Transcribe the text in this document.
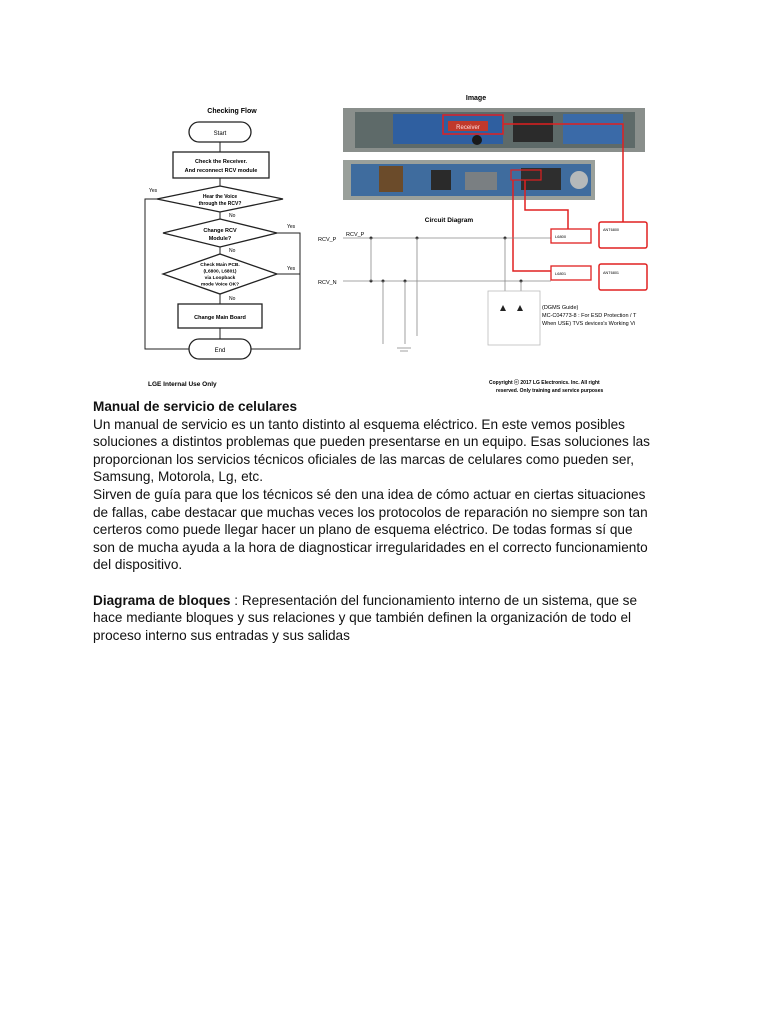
Checking Flow
Start
Check the Receiver.
And reconnect RCV module
Hear the Voice
through the RCV?
Yes
No
Change RCV
Module?
Yes
No
Check Main PCB.
(L6800, L6801)
via Loopback
mode Voice OK?
Yes
No
Change Main Board
End
LGE Internal Use Only
Image
Receiver
Circuit Diagram
RCV_P
RCV_P
RCV_N
L6800
L6801
ANT6800
ANT6801
(DGMS Guide)
MC-C04773-8 : For ESD Protection / T
When USE) TVS devices's Working Vi
Copyright ⓒ 2017 LG Electronics. Inc. All right
reserved. Only training and service purposes

Manual de servicio de celulares

Un manual de servicio es un tanto distinto al esquema eléctrico. En este vemos posibles soluciones a distintos problemas que pueden presentarse en un equipo. Esas soluciones las proporcionan los servicios técnicos oficiales de las marcas de celulares como pueden ser, Samsung, Motorola, Lg, etc.

Sirven de guía para que los técnicos sé den una idea de cómo actuar en ciertas situaciones de fallas, cabe destacar que muchas veces los protocolos de reparación no siempre son tan certeros como puede llegar hacer un plano de esquema eléctrico. De todas formas sí que son de mucha ayuda a la hora de diagnosticar irregularidades en el correcto funcionamiento del dispositivo.

Diagrama de bloques : Representación del funcionamiento interno de un sistema, que se hace mediante bloques y sus relaciones y que también definen la organización de todo el proceso interno sus entradas y sus salidas
